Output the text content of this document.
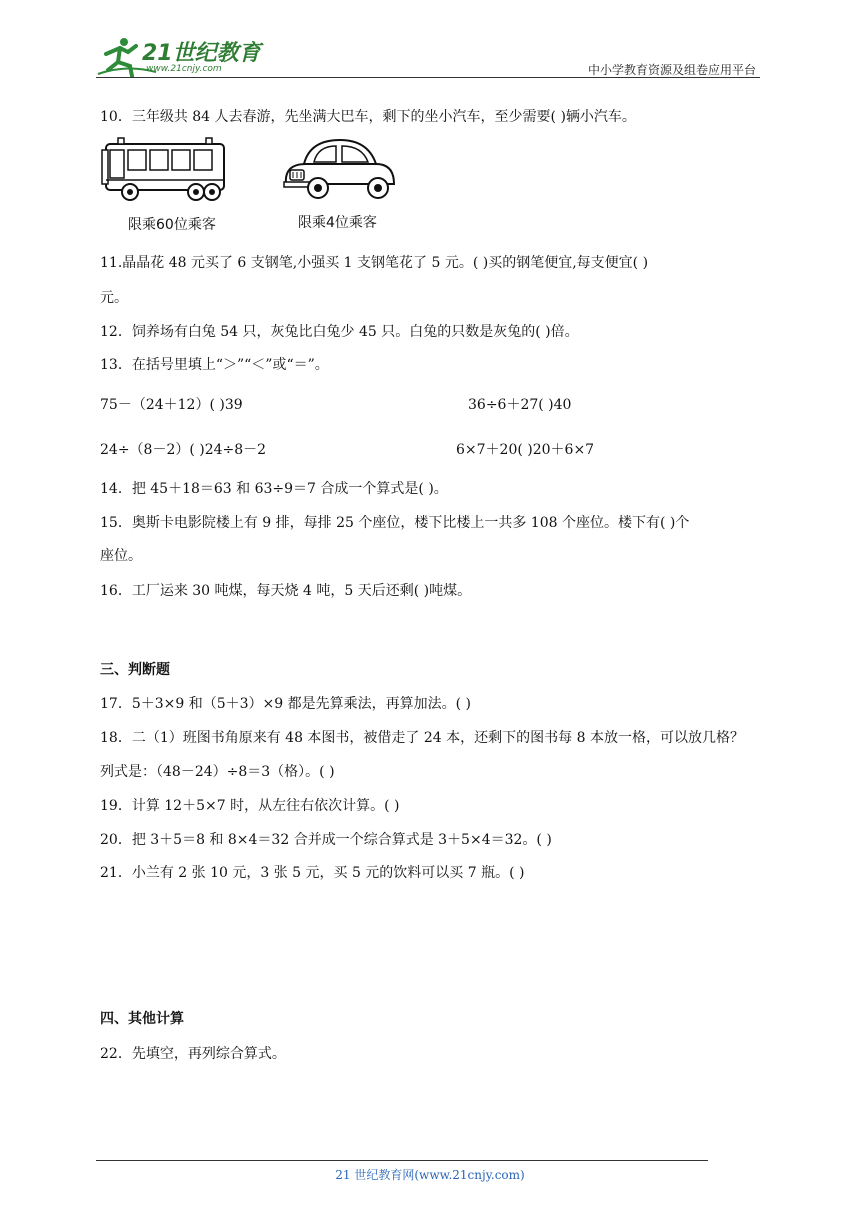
21世纪教育
www.21cnjy.com	中小学教育资源及组卷应用平台
10．三年级共 84 人去春游，先坐满大巴车，剩下的坐小汽车，至少需要( )辆小汽车。
限乘60位乘客	限乘4位乘客
11.晶晶花 48 元买了 6 支钢笔,小强买 1 支钢笔花了 5 元。( )买的钢笔便宜,每支便宜( )
元。
12．饲养场有白兔 54 只，灰兔比白兔少 45 只。白兔的只数是灰兔的( )倍。
13．在括号里填上“＞”“＜”或“＝”。
75－（24＋12）( )39	36÷6＋27( )40
24÷（8－2）( )24÷8－2	6×7＋20( )20＋6×7
14．把 45＋18＝63 和 63÷9＝7 合成一个算式是( )。
15．奥斯卡电影院楼上有 9 排，每排 25 个座位，楼下比楼上一共多 108 个座位。楼下有( )个
座位。
16．工厂运来 30 吨煤，每天烧 4 吨，5 天后还剩( )吨煤。
三、判断题
17．5＋3×9 和（5＋3）×9 都是先算乘法，再算加法。( )
18．二（1）班图书角原来有 48 本图书，被借走了 24 本，还剩下的图书每 8 本放一格，可以放几格？
列式是：（48－24）÷8＝3（格）。( )
19．计算 12＋5×7 时，从左往右依次计算。( )
20．把 3＋5＝8 和 8×4＝32 合并成一个综合算式是 3＋5×4＝32。( )
21．小兰有 2 张 10 元，3 张 5 元，买 5 元的饮料可以买 7 瓶。( )
四、其他计算
22．先填空，再列综合算式。
21 世纪教育网(www.21cnjy.com)
